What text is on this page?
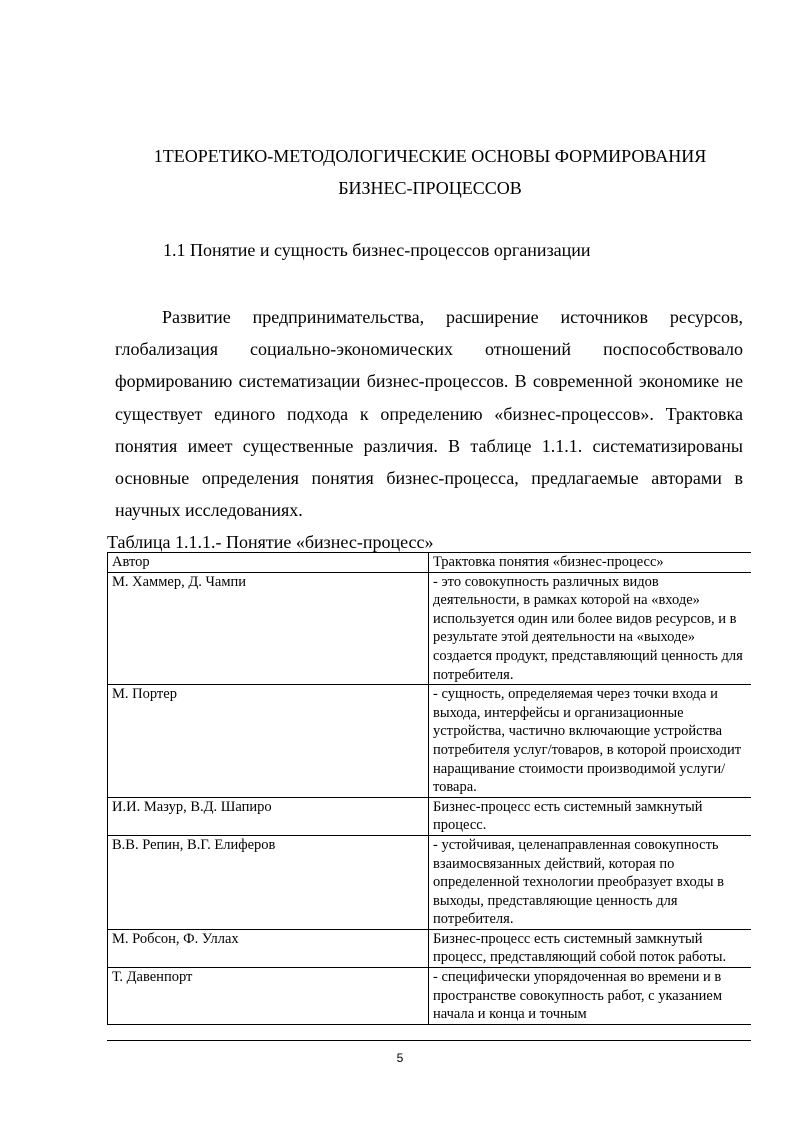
1ТЕОРЕТИКО-МЕТОДОЛОГИЧЕСКИЕ ОСНОВЫ ФОРМИРОВАНИЯ
БИЗНЕС-ПРОЦЕССОВ
1.1 Понятие и сущность бизнес-процессов организации

Развитие предпринимательства, расширение источников ресурсов, глобализация социально-экономических отношений поспособствовало формированию систематизации бизнес-процессов. В современной экономике не существует единого подхода к определению «бизнес-процессов». Трактовка понятия имеет существенные различия. В таблице 1.1.1. систематизированы основные определения понятия бизнес-процесса, предлагаемые авторами в научных исследованиях.

Таблица 1.1.1.- Понятие «бизнес-процесс»
Автор	Трактовка понятия «бизнес-процесс»
М. Хаммер, Д. Чампи	- это совокупность различных видов деятельности, в рамках которой на «входе» используется один или более видов ресурсов, и в результате этой деятельности на «выходе» создается продукт, представляющий ценность для потребителя.
М. Портер	- сущность, определяемая через точки входа и выхода, интерфейсы и организационные устройства, частично включающие устройства потребителя услуг/товаров, в которой происходит наращивание стоимости производимой услуги/товара.
И.И. Мазур, В.Д. Шапиро	Бизнес-процесс есть системный замкнутый процесс.
В.В. Репин, В.Г. Елиферов	- устойчивая, целенаправленная совокупность взаимосвязанных действий, которая по определенной технологии преобразует входы в выходы, представляющие ценность для потребителя.
М. Робсон, Ф. Уллах	Бизнес-процесс есть системный замкнутый процесс, представляющий собой поток работы.
Т. Давенпорт	- специфически упорядоченная во времени и в пространстве совокупность работ, с указанием начала и конца и точным
5
